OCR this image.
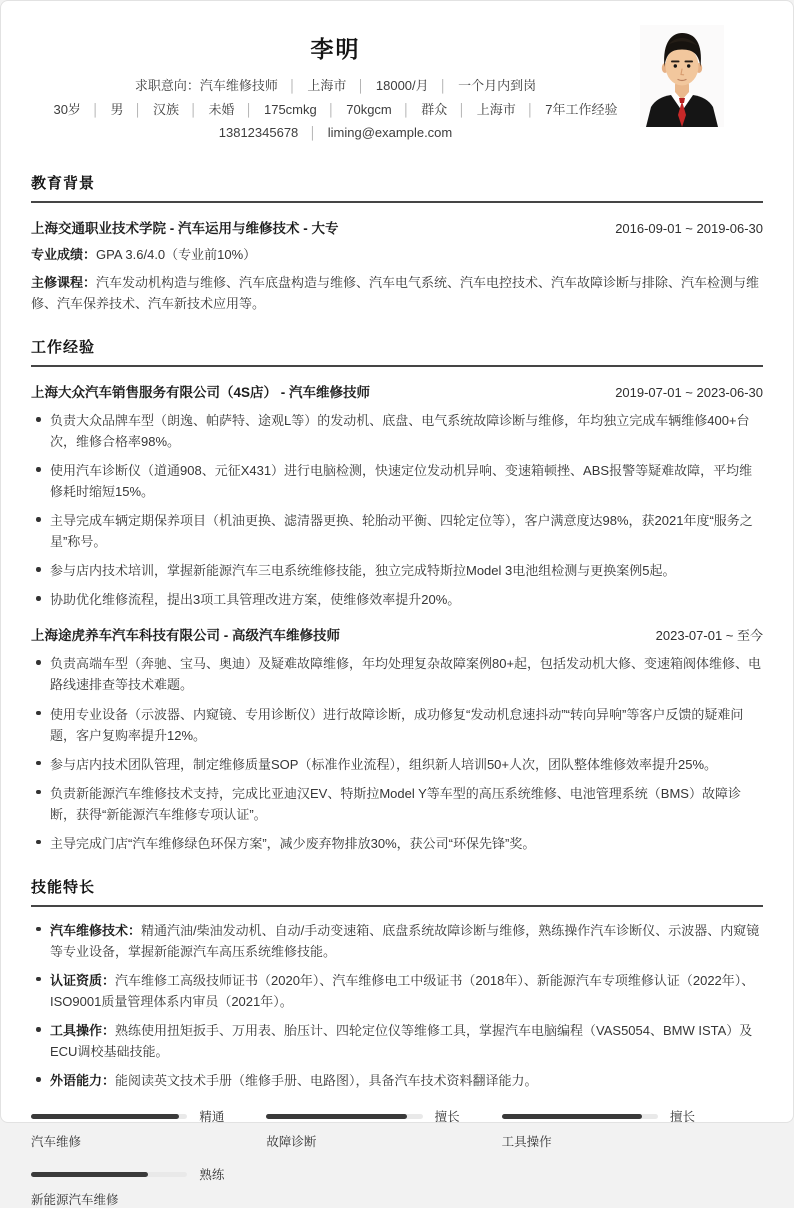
李明
求职意向：汽车维修技师 │ 上海市 │ 18000/月 │ 一个月内到岗
30岁 │ 男 │ 汉族 │ 未婚 │ 175cmkg │ 70kgcm │ 群众 │ 上海市 │ 7年工作经验
13812345678 │ liming@example.com
教育背景
上海交通职业技术学院 - 汽车运用与维修技术 - 大专	2016-09-01 ~ 2019-06-30
专业成绩：GPA 3.6/4.0（专业前10%）
主修课程：汽车发动机构造与维修、汽车底盘构造与维修、汽车电气系统、汽车电控技术、汽车故障诊断与排除、汽车检测与维修、汽车保养技术、汽车新技术应用等。
工作经验
上海大众汽车销售服务有限公司（4S店） - 汽车维修技师	2019-07-01 ~ 2023-06-30
负责大众品牌车型（朗逸、帕萨特、途观L等）的发动机、底盘、电气系统故障诊断与维修，年均独立完成车辆维修400+台次，维修合格率98%。
使用汽车诊断仪（道通908、元征X431）进行电脑检测，快速定位发动机异响、变速箱顿挫、ABS报警等疑难故障，平均维修耗时缩短15%。
主导完成车辆定期保养项目（机油更换、滤清器更换、轮胎动平衡、四轮定位等），客户满意度达98%，获2021年度“服务之星”称号。
参与店内技术培训，掌握新能源汽车三电系统维修技能，独立完成特斯拉Model 3电池组检测与更换案例5起。
协助优化维修流程，提出3项工具管理改进方案，使维修效率提升20%。
上海途虎养车汽车科技有限公司 - 高级汽车维修技师	2023-07-01 ~ 至今
负责高端车型（奔驰、宝马、奥迪）及疑难故障维修，年均处理复杂故障案例80+起，包括发动机大修、变速箱阀体维修、电路线速排查等技术难题。
使用专业设备（示波器、内窥镜、专用诊断仪）进行故障诊断，成功修复“发动机怠速抖动”“转向异响”等客户反馈的疑难问题，客户复购率提升12%。
参与店内技术团队管理，制定维修质量SOP（标准作业流程），组织新人培训50+人次，团队整体维修效率提升25%。
负责新能源汽车维修技术支持，完成比亚迪汉EV、特斯拉Model Y等车型的高压系统维修、电池管理系统（BMS）故障诊断，获得“新能源汽车维修专项认证”。
主导完成门店“汽车维修绿色环保方案”，减少废弃物排放30%，获公司“环保先锋”奖。
技能特长
汽车维修技术：精通汽油/柴油发动机、自动/手动变速箱、底盘系统故障诊断与维修，熟练操作汽车诊断仪、示波器、内窥镜等专业设备，掌握新能源汽车高压系统维修技能。
认证资质：汽车维修工高级技师证书（2020年）、汽车维修电工中级证书（2018年）、新能源汽车专项维修认证（2022年）、ISO9001质量管理体系内审员（2021年）。
工具操作：熟练使用扭矩扳手、万用表、胎压计、四轮定位仪等维修工具，掌握汽车电脑编程（VAS5054、BMW ISTA）及ECU调校基础技能。
外语能力：能阅读英文技术手册（维修手册、电路图），具备汽车技术资料翻译能力。
精通
汽车维修
擅长
故障诊断
擅长
工具操作
熟练
新能源汽车维修
